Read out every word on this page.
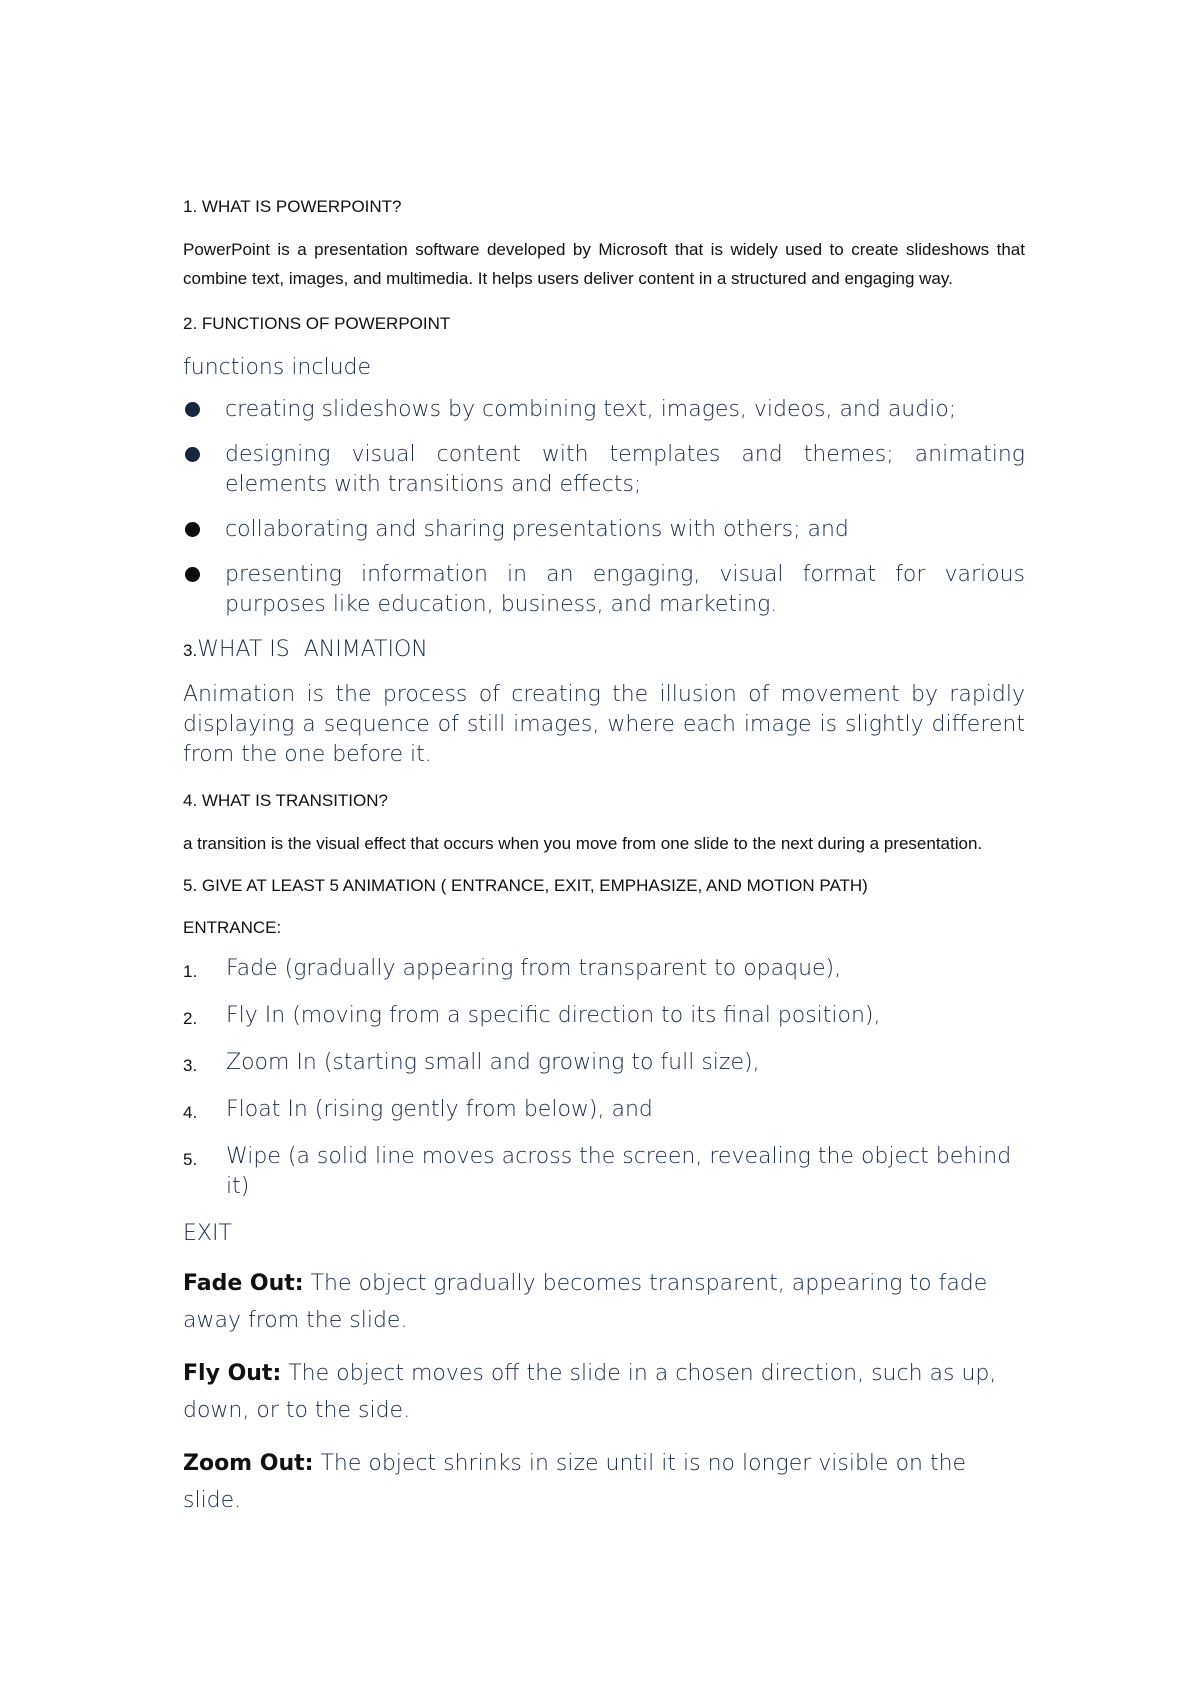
1. WHAT IS POWERPOINT?

PowerPoint is a presentation software developed by Microsoft that is widely used to create slideshows that combine text, images, and multimedia. It helps users deliver content in a structured and engaging way.

2. FUNCTIONS OF POWERPOINT

functions include

creating slideshows by combining text, images, videos, and audio;
designing visual content with templates and themes; animating elements with transitions and effects;
collaborating and sharing presentations with others; and
presenting information in an engaging, visual format for various purposes like education, business, and marketing.

3.WHAT IS  ANIMATION

Animation is the process of creating the illusion of movement by rapidly displaying a sequence of still images, where each image is slightly different from the one before it.

4. WHAT IS TRANSITION?

a transition is the visual effect that occurs when you move from one slide to the next during a presentation.

5. GIVE AT LEAST 5 ANIMATION ( ENTRANCE, EXIT, EMPHASIZE, AND MOTION PATH)

ENTRANCE:

1. Fade (gradually appearing from transparent to opaque),
2. Fly In (moving from a specific direction to its final position),
3. Zoom In (starting small and growing to full size),
4. Float In (rising gently from below), and
5. Wipe (a solid line moves across the screen, revealing the object behind it)

EXIT

Fade Out: The object gradually becomes transparent, appearing to fade away from the slide.

Fly Out: The object moves off the slide in a chosen direction, such as up, down, or to the side.

Zoom Out: The object shrinks in size until it is no longer visible on the slide.
